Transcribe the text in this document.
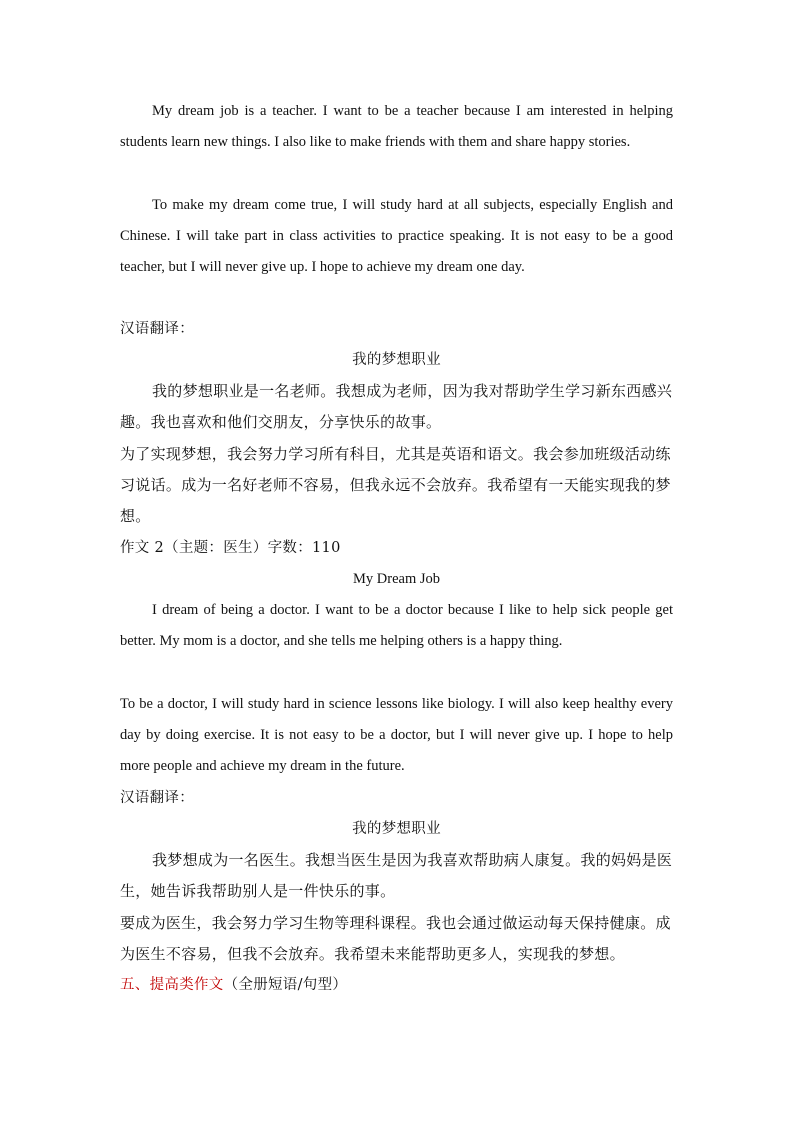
My dream job is a teacher. I want to be a teacher because I am interested in helping students learn new things. I also like to make friends with them and share happy stories.

To make my dream come true, I will study hard at all subjects, especially English and Chinese. I will take part in class activities to practice speaking. It is not easy to be a good teacher, but I will never give up. I hope to achieve my dream one day.

汉语翻译：

我的梦想职业

我的梦想职业是一名老师。我想成为老师，因为我对帮助学生学习新东西感兴趣。我也喜欢和他们交朋友，分享快乐的故事。

为了实现梦想，我会努力学习所有科目，尤其是英语和语文。我会参加班级活动练习说话。成为一名好老师不容易，但我永远不会放弃。我希望有一天能实现我的梦想。

作文 2（主题：医生）字数：110

My Dream Job

I dream of being a doctor. I want to be a doctor because I like to help sick people get better. My mom is a doctor, and she tells me helping others is a happy thing.

To be a doctor, I will study hard in science lessons like biology. I will also keep healthy every day by doing exercise. It is not easy to be a doctor, but I will never give up. I hope to help more people and achieve my dream in the future.

汉语翻译：

我的梦想职业

我梦想成为一名医生。我想当医生是因为我喜欢帮助病人康复。我的妈妈是医生，她告诉我帮助别人是一件快乐的事。

要成为医生，我会努力学习生物等理科课程。我也会通过做运动每天保持健康。成为医生不容易，但我不会放弃。我希望未来能帮助更多人，实现我的梦想。

五、提高类作文（全册短语/句型）
